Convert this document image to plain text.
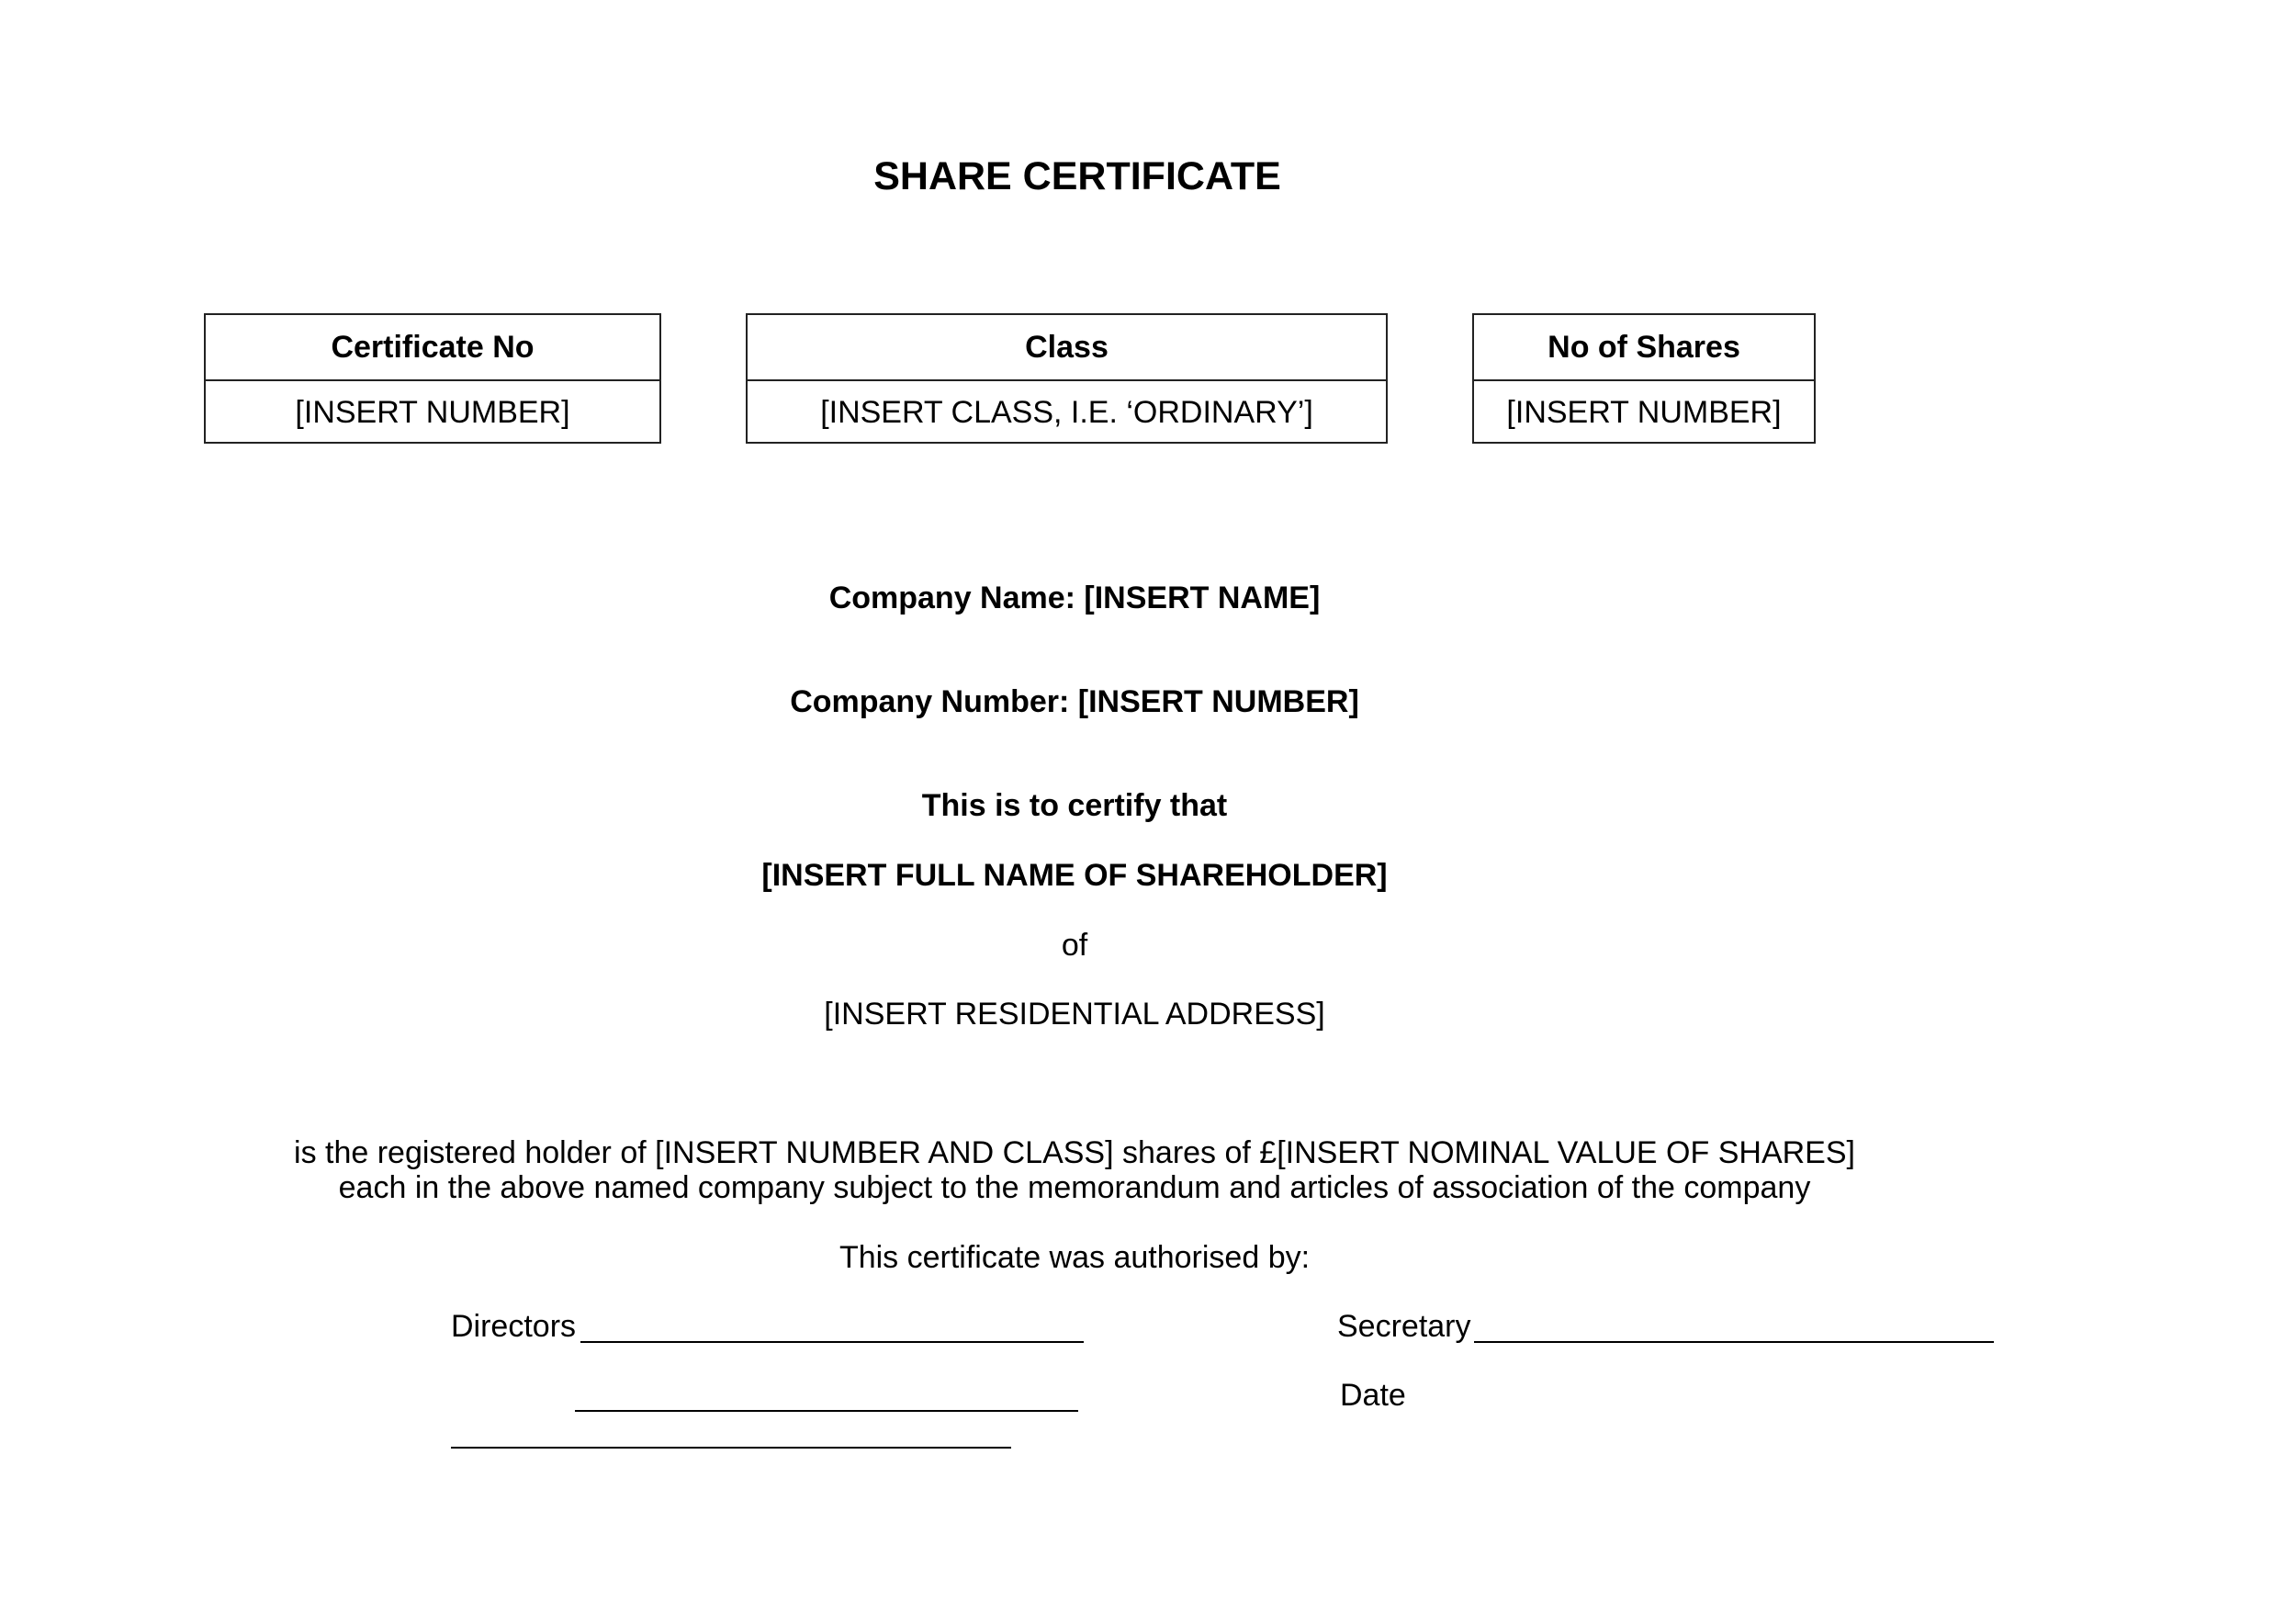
SHARE CERTIFICATE
Certificate No
[INSERT NUMBER]
Class
[INSERT CLASS, I.E. ‘ORDINARY’]
No of Shares
[INSERT NUMBER]
Company Name: [INSERT NAME]
Company Number: [INSERT NUMBER]
This is to certify that
[INSERT FULL NAME OF SHAREHOLDER]
of
[INSERT RESIDENTIAL ADDRESS]
is the registered holder of [INSERT NUMBER AND CLASS] shares of £[INSERT NOMINAL VALUE OF SHARES]
each in the above named company subject to the memorandum and articles of association of the company
This certificate was authorised by:
Directors	Secretary
Date
